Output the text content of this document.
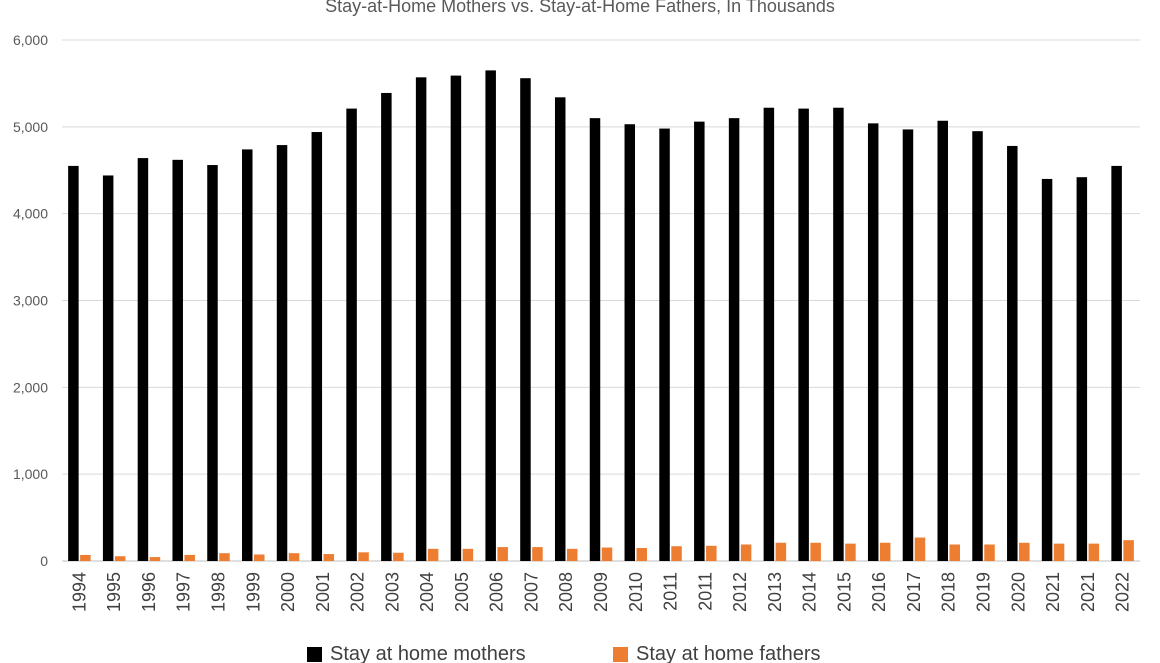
Stay-at-Home Mothers vs. Stay-at-Home Fathers, In Thousands
0
1,000
2,000
3,000
4,000
5,000
6,000
1994 1995 1996 1997 1998 1999 2000 2001 2002 2003 2004 2005 2006 2007 2008 2009 2010 2011 2011 2012 2013 2014 2015 2016 2017 2018 2019 2020 2021 2021 2022
Stay at home mothers	Stay at home fathers
